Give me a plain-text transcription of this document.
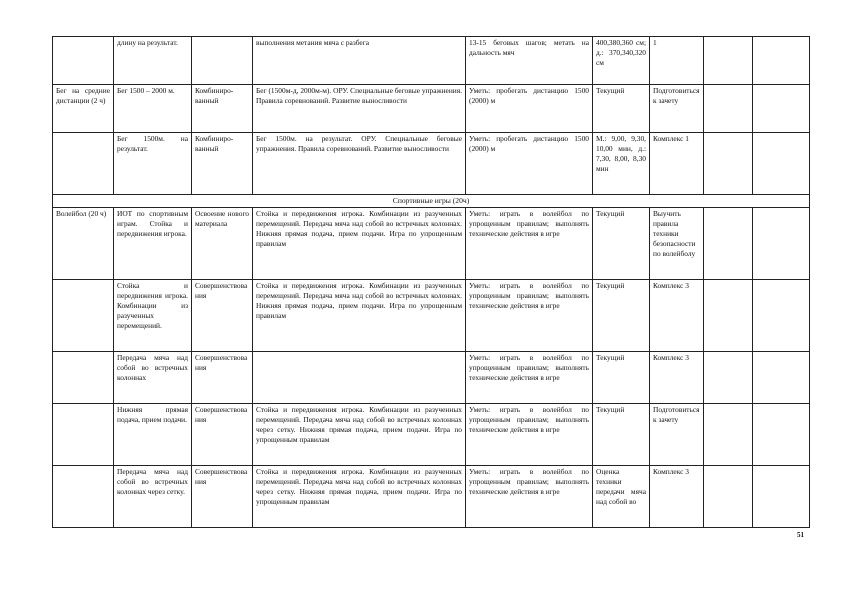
	длину на результат.		выполнения метания мяча с разбега	13-15 беговых шагов; метать на дальность мяч	400,380,360 см; д.: 370,340,320 см	1		
Бег на средние дистанции (2 ч)	Бег 1500 – 2000 м.	Комбиниро-ванный	Бег (1500м-д, 2000м-м). ОРУ. Специальные беговые упражнения. Правила соревнований. Развитие выносливости	Уметь: пробегать дистанцию 1500 (2000) м	Текущий	Подготовиться к зачету		
	Бег 1500м. на результат.	Комбиниро-ванный	Бег 1500м. на результат. ОРУ. Специальные беговые упражнения. Правила соревнований. Развитие выносливости	Уметь: пробегать дистанцию 1500 (2000) м	М.: 9,00, 9,30, 10,00 мин, д.: 7,30, 8,00, 8,30 мин	Комплекс 1		
Спортивные игры (20ч)								
Волейбол (20 ч)	ИОТ по спортивным играм. Стойка и передвижения игрока.	Освоение нового материала	Стойка и передвижения игрока. Комбинации из разученных перемещений. Передача мяча над собой во встречных колоннах. Нижняя прямая подача, прием подачи. Игра по упрощенным правилам	Уметь: играть в волейбол по упрощенным правилам; выполнять технические действия в игре	Текущий	Выучить правила техники безопасности по волейболу		
	Стойка и передвижения игрока. Комбинации из разученных перемещений.	Совершенствования	Стойка и передвижения игрока. Комбинации из разученных перемещений. Передача мяча над собой во встречных колоннах. Нижняя прямая подача, прием подачи. Игра по упрощенным правилам	Уметь: играть в волейбол по упрощенным правилам; выполнять технические действия в игре	Текущий	Комплекс 3		
	Передача мяча над собой во встречных колоннах	Совершенствования		Уметь: играть в волейбол по упрощенным правилам; выполнять технические действия в игре	Текущий	Комплекс 3		
	Нижняя прямая подача, прием подачи.	Совершенствования	Стойка и передвижения игрока. Комбинации из разученных перемещений. Передача мяча над собой во встречных колоннах через сетку. Нижняя прямая подача, прием подачи. Игра по упрощенным правилам	Уметь: играть в волейбол по упрощенным правилам; выполнять технические действия в игре	Текущий	Подготовиться к зачету		
	Передача мяча над собой во встречных колоннах через сетку.	Совершенствования	Стойка и передвижения игрока. Комбинации из разученных перемещений. Передача мяча над собой во встречных колоннах через сетку. Нижняя прямая подача, прием подачи. Игра по упрощенным правилам	Уметь: играть в волейбол по упрощенным правилам; выполнять технические действия в игре	Оценка техники передачи мяча над собой во	Комплекс 3		
51
